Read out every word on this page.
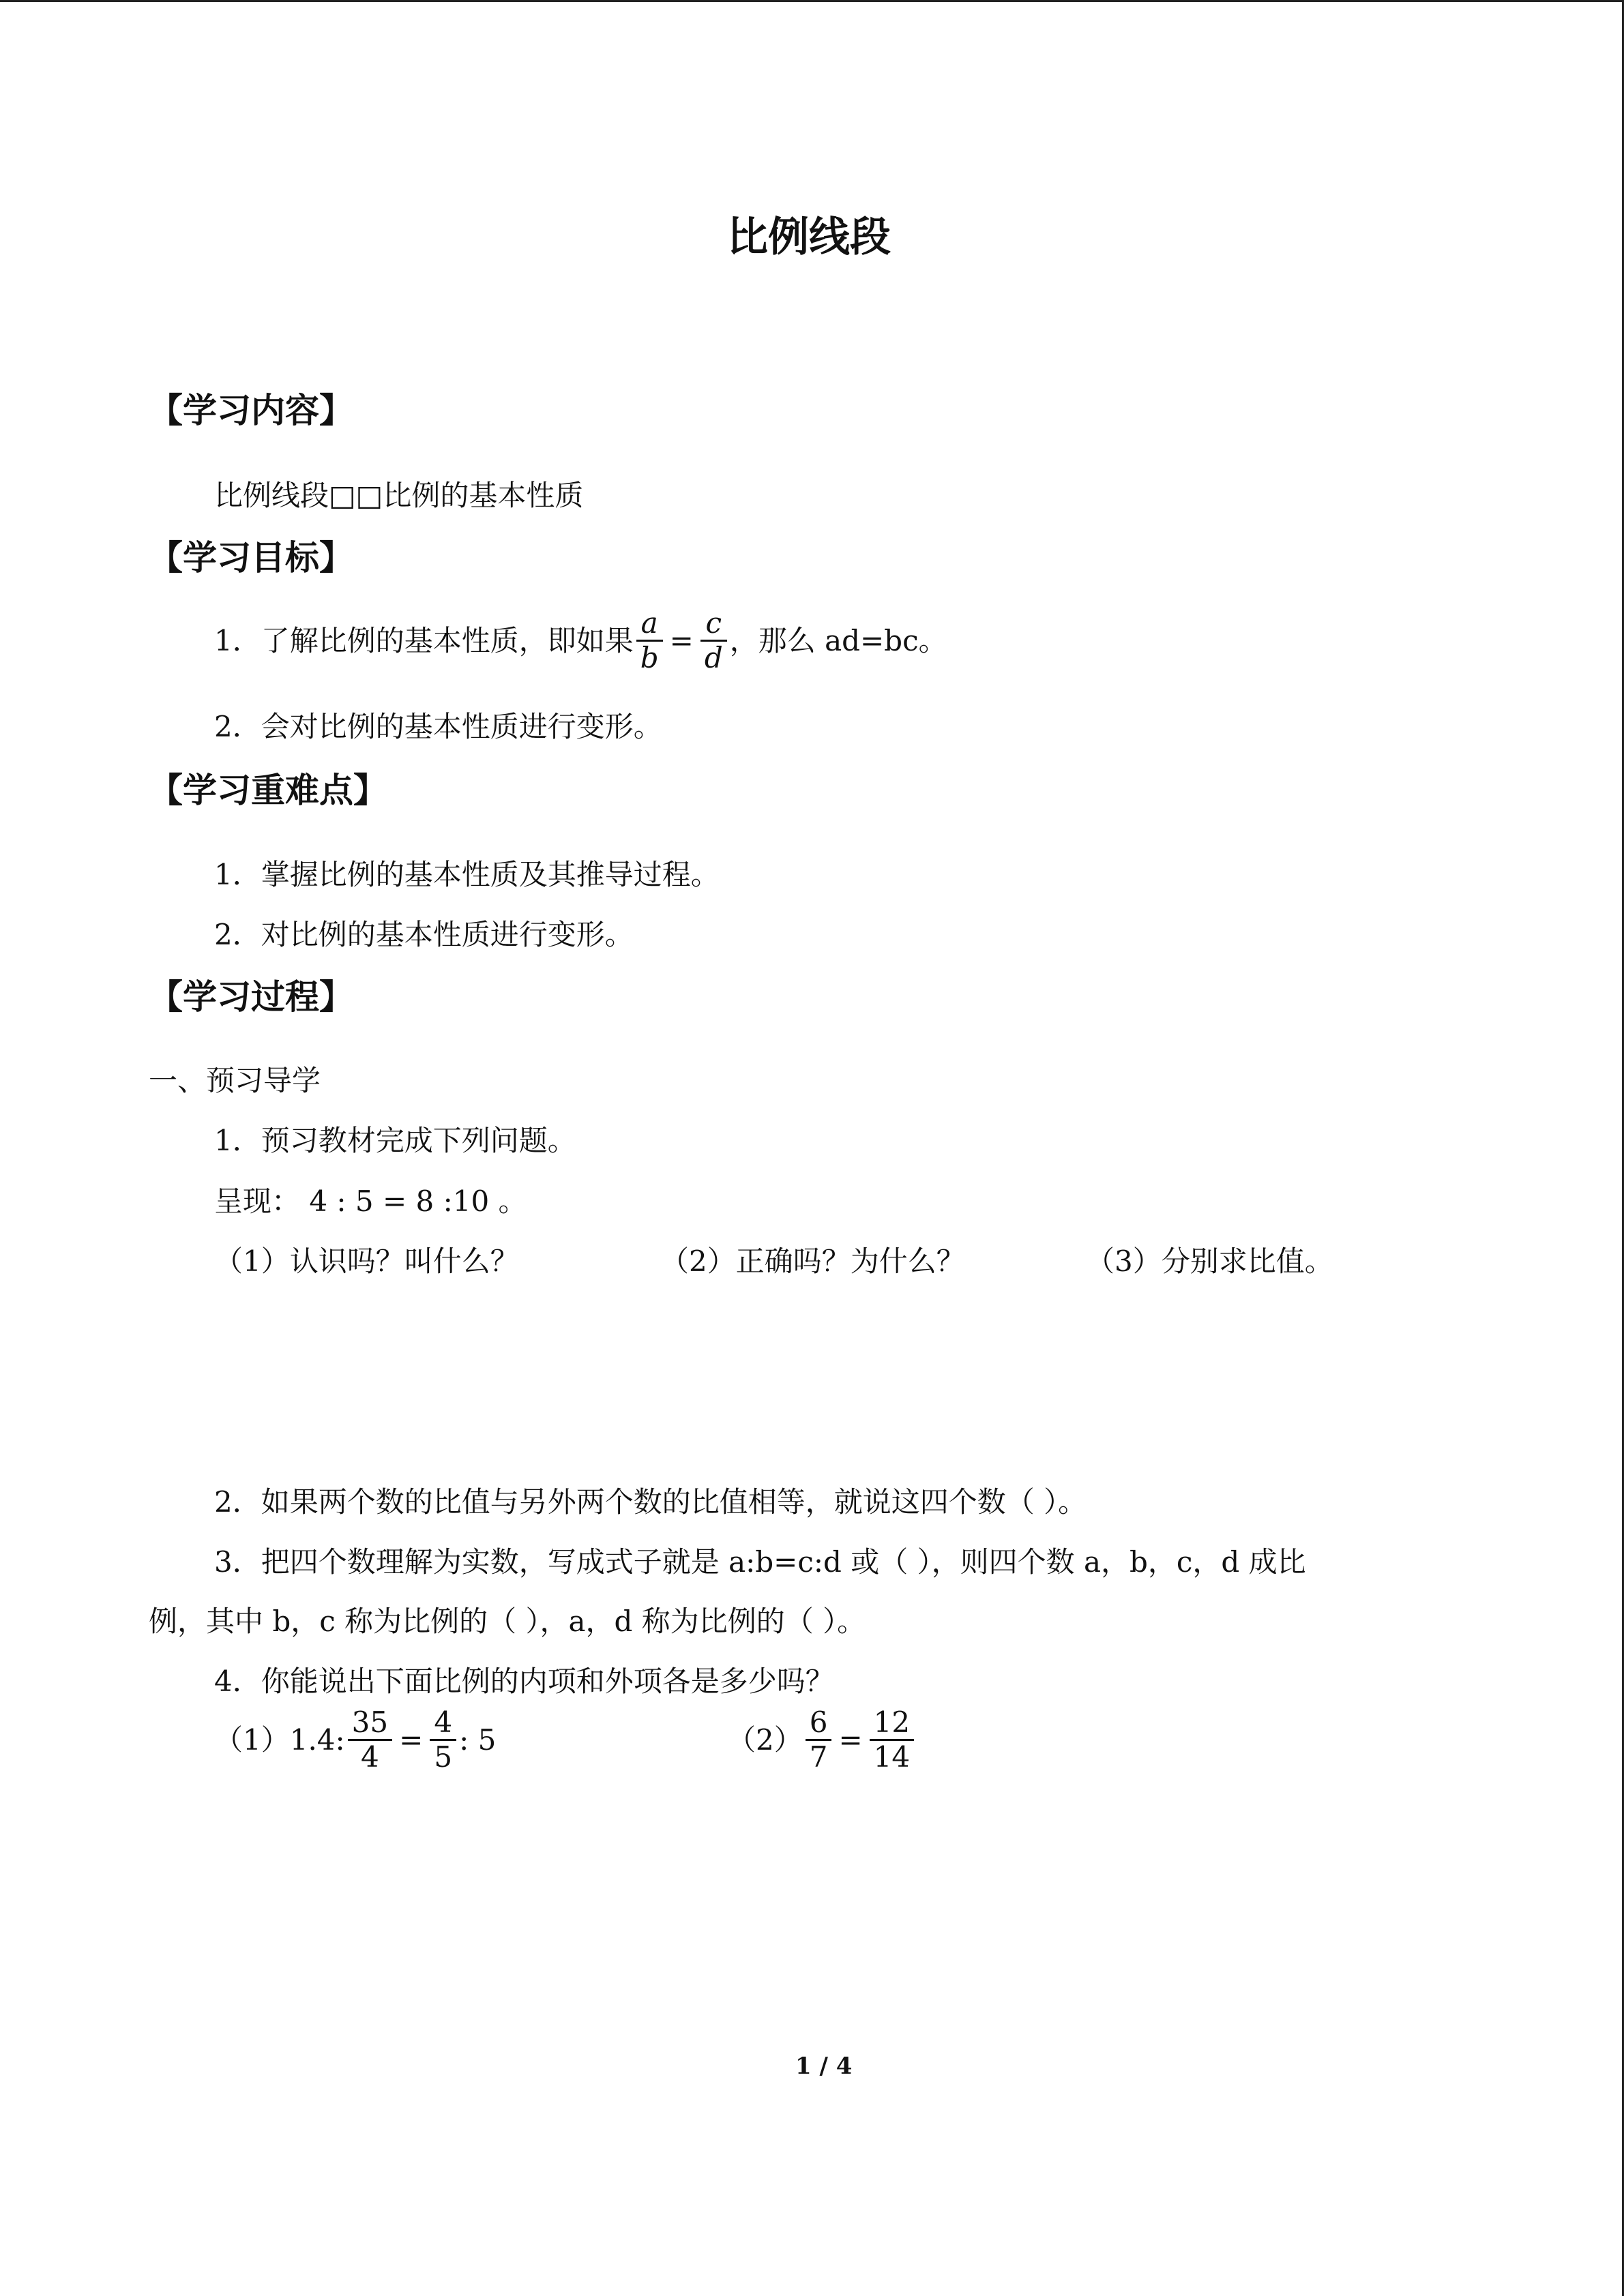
比例线段
【学习内容】
比例线段□□比例的基本性质
【学习目标】
1．了解比例的基本性质，即如果 $\frac{a}{b} = \frac{c}{d}$ ，那么 ad=bc。
2．会对比例的基本性质进行变形。
【学习重难点】
1．掌握比例的基本性质及其推导过程。
2．对比例的基本性质进行变形。
【学习过程】
一、预习导学
1．预习教材完成下列问题。
呈现： 4 : 5 = 8 :10 。
（1）认识吗？叫什么？	（2）正确吗？为什么？	（3）分别求比值。
2．如果两个数的比值与另外两个数的比值相等，就说这四个数（ ）。
3．把四个数理解为实数，写成式子就是 a:b=c:d 或（ ），则四个数 a，b，c，d 成比
例，其中 b，c 称为比例的（ ），a，d 称为比例的（ ）。
4．你能说出下面比例的内项和外项各是多少吗？
（1）1.4: $\frac{35}{4} = \frac{4}{5}$ : 5	$(2) \frac{6}{7} = \frac{12}{14}$
1 / 4
